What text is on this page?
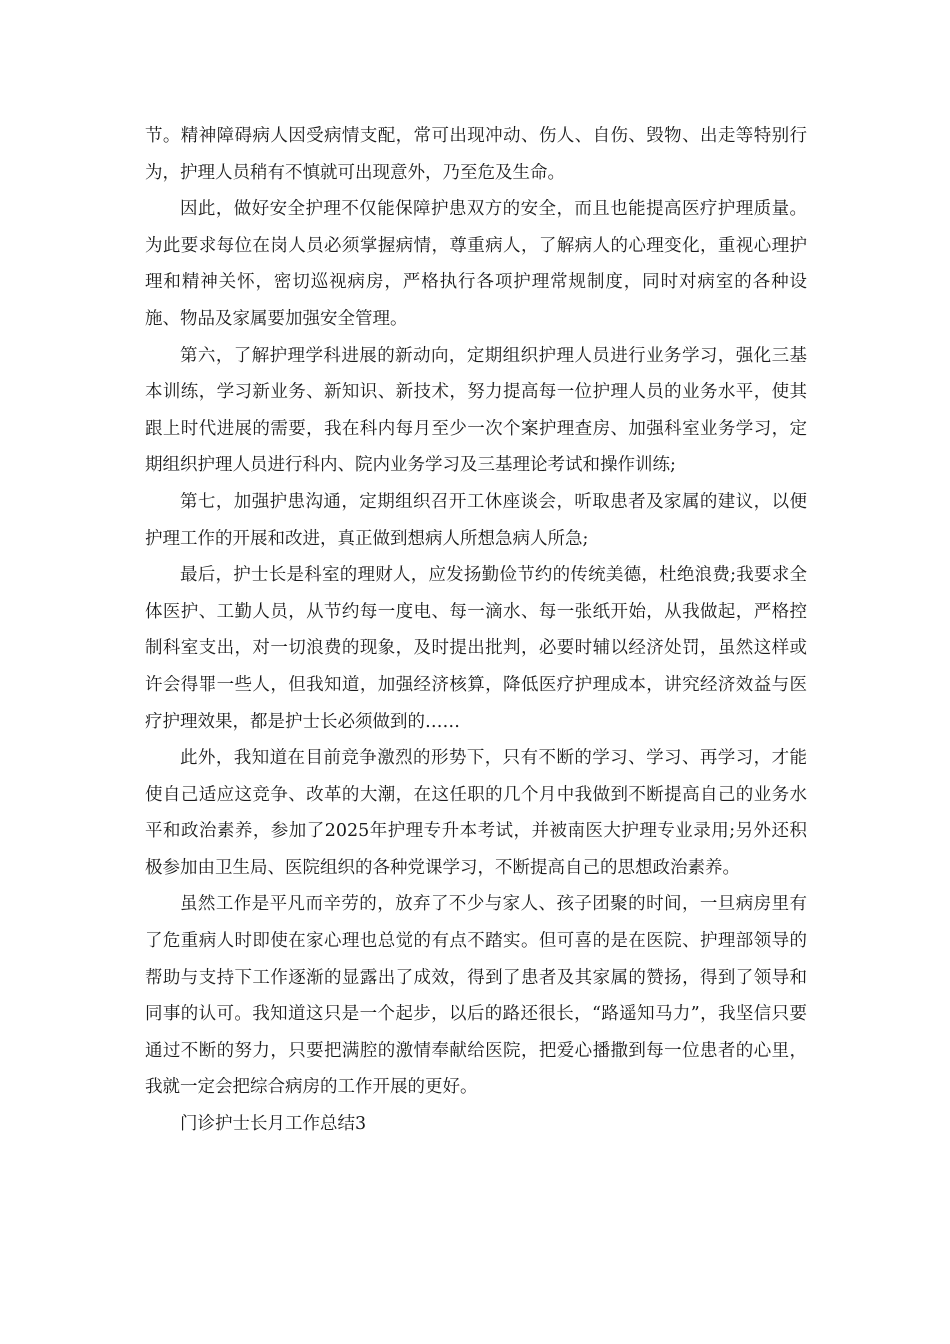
节。精神障碍病人因受病情支配，常可出现冲动、伤人、自伤、毁物、出走等特别行为，护理人员稍有不慎就可出现意外，乃至危及生命。

因此，做好安全护理不仅能保障护患双方的安全，而且也能提高医疗护理质量。为此要求每位在岗人员必须掌握病情，尊重病人，了解病人的心理变化，重视心理护理和精神关怀，密切巡视病房，严格执行各项护理常规制度，同时对病室的各种设施、物品及家属要加强安全管理。

第六，了解护理学科进展的新动向，定期组织护理人员进行业务学习，强化三基本训练，学习新业务、新知识、新技术，努力提高每一位护理人员的业务水平，使其跟上时代进展的需要，我在科内每月至少一次个案护理查房、加强科室业务学习，定期组织护理人员进行科内、院内业务学习及三基理论考试和操作训练;

第七，加强护患沟通，定期组织召开工休座谈会，听取患者及家属的建议，以便护理工作的开展和改进，真正做到想病人所想急病人所急;

最后，护士长是科室的理财人，应发扬勤俭节约的传统美德，杜绝浪费;我要求全体医护、工勤人员，从节约每一度电、每一滴水、每一张纸开始，从我做起，严格控制科室支出，对一切浪费的现象，及时提出批判，必要时辅以经济处罚，虽然这样或许会得罪一些人，但我知道，加强经济核算，降低医疗护理成本，讲究经济效益与医疗护理效果，都是护士长必须做到的……

此外，我知道在目前竞争激烈的形势下，只有不断的学习、学习、再学习，才能使自己适应这竞争、改革的大潮，在这任职的几个月中我做到不断提高自己的业务水平和政治素养，参加了2025年护理专升本考试，并被南医大护理专业录用;另外还积极参加由卫生局、医院组织的各种党课学习，不断提高自己的思想政治素养。

虽然工作是平凡而辛劳的，放弃了不少与家人、孩子团聚的时间，一旦病房里有了危重病人时即使在家心理也总觉的有点不踏实。但可喜的是在医院、护理部领导的帮助与支持下工作逐渐的显露出了成效，得到了患者及其家属的赞扬，得到了领导和同事的认可。我知道这只是一个起步，以后的路还很长，“路遥知马力”，我坚信只要通过不断的努力，只要把满腔的激情奉献给医院，把爱心播撒到每一位患者的心里，我就一定会把综合病房的工作开展的更好。

门诊护士长月工作总结3
